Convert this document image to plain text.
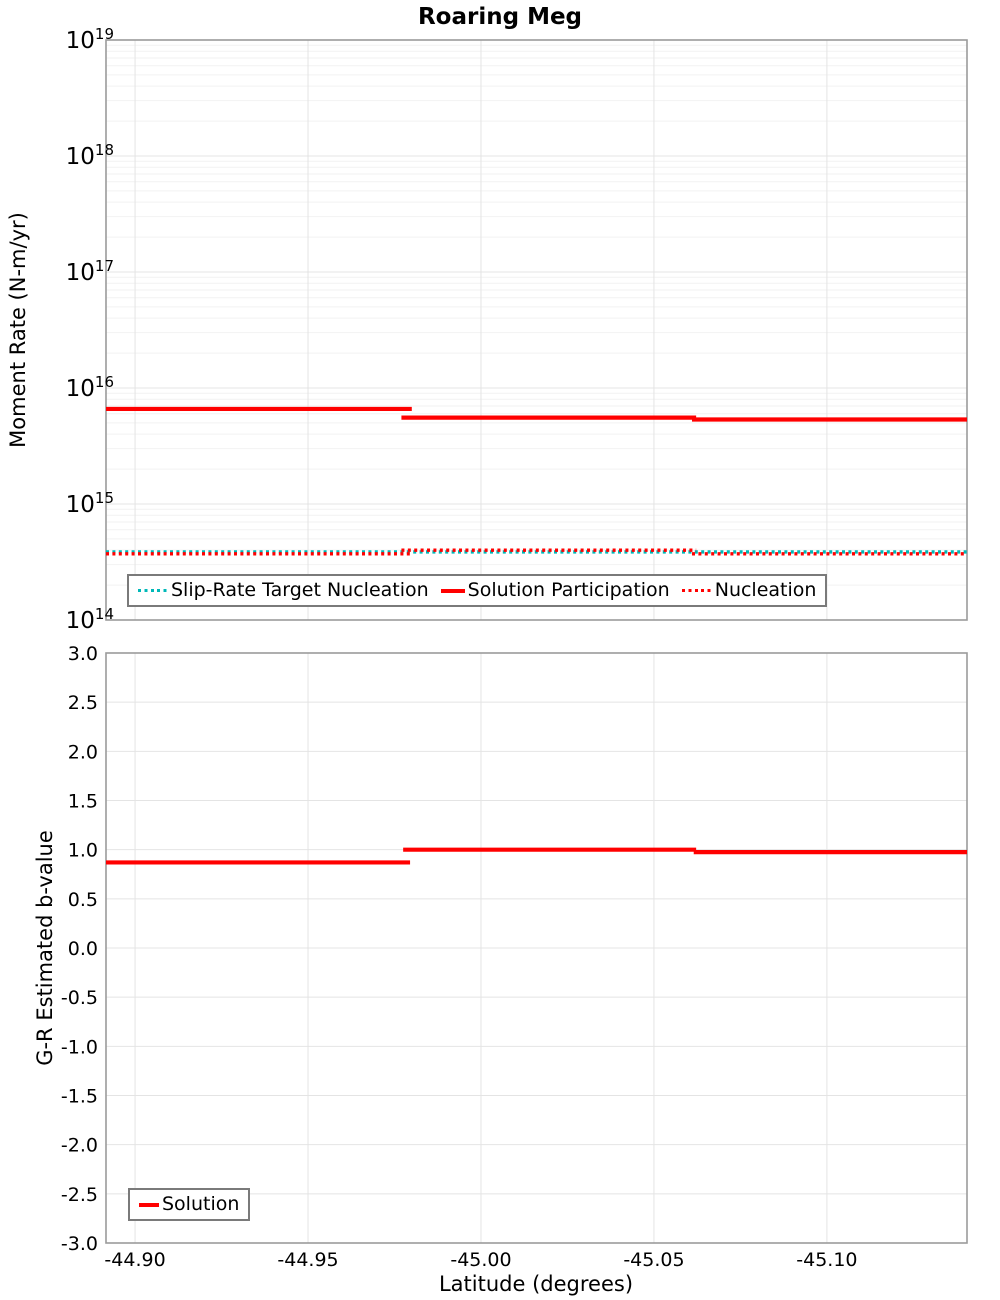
$10^{19}$
$10^{18}$
$10^{17}$
$10^{16}$
$10^{15}$
$10^{14}$
3.0
2.5
2.0
1.5
1.0
0.5
0.0
-0.5
-1.0
-1.5
-2.0
-2.5
-3.0
-44.90	-44.95	-45.00	-45.05	-45.10
Roaring Meg
Moment Rate (N-m/yr)
G-R Estimated b-value
Latitude (degrees)
Slip-Rate Target Nucleation Solution Participation Nucleation
Solution
